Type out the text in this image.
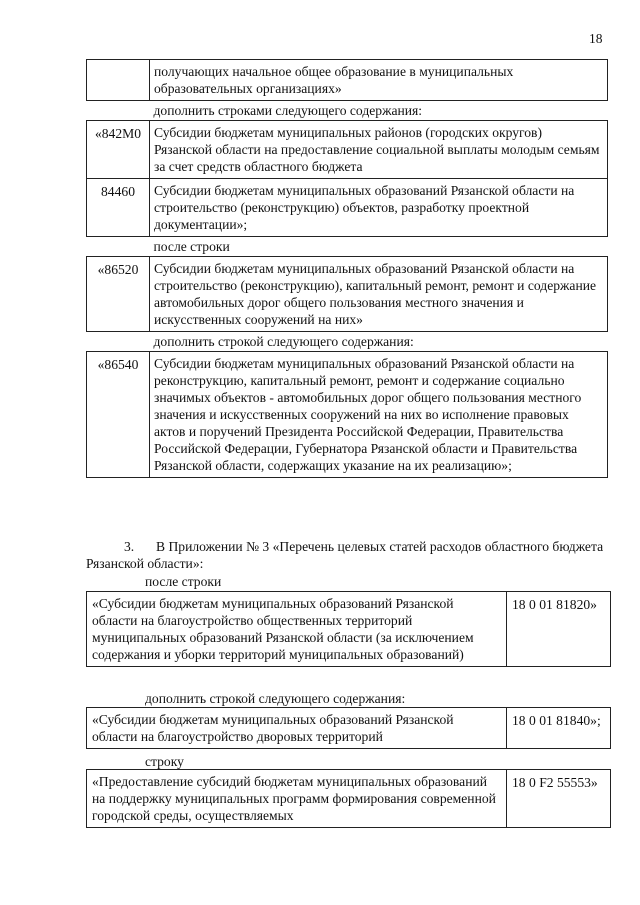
18
	получающих начальное общее образование в муниципальных образовательных организациях»
	дополнить строками следующего содержания:
«842М0	Субсидии бюджетам муниципальных районов (городских округов) Рязанской области на предоставление социальной выплаты молодым семьям за счет средств областного бюджета
84460	Субсидии бюджетам муниципальных образований Рязанской области на строительство (реконструкцию) объектов, разработку проектной документации»;
	после строки
«86520	Субсидии бюджетам муниципальных образований Рязанской области на строительство (реконструкцию), капитальный ремонт, ремонт и содержание автомобильных дорог общего пользования местного значения и искусственных сооружений на них»
	дополнить строкой следующего содержания:
«86540	Субсидии бюджетам муниципальных образований Рязанской области на реконструкцию, капитальный ремонт, ремонт и содержание социально значимых объектов - автомобильных дорог общего пользования местного значения и искусственных сооружений на них во исполнение правовых актов и поручений Президента Российской Федерации, Правительства Российской Федерации, Губернатора Рязанской области и Правительства Рязанской области, содержащих указание на их реализацию»;
3. В Приложении № 3 «Перечень целевых статей расходов областного бюджета Рязанской области»:
после строки
«Субсидии бюджетам муниципальных образований Рязанской области на благоустройство общественных территорий муниципальных образований Рязанской области (за исключением содержания и уборки территорий муниципальных образований)	18 0 01 81820»
дополнить строкой следующего содержания:
«Субсидии бюджетам муниципальных образований Рязанской области на благоустройство дворовых территорий	18 0 01 81840»;
строку
«Предоставление субсидий бюджетам муниципальных образований на поддержку муниципальных программ формирования современной городской среды, осуществляемых	18 0 F2 55553»
